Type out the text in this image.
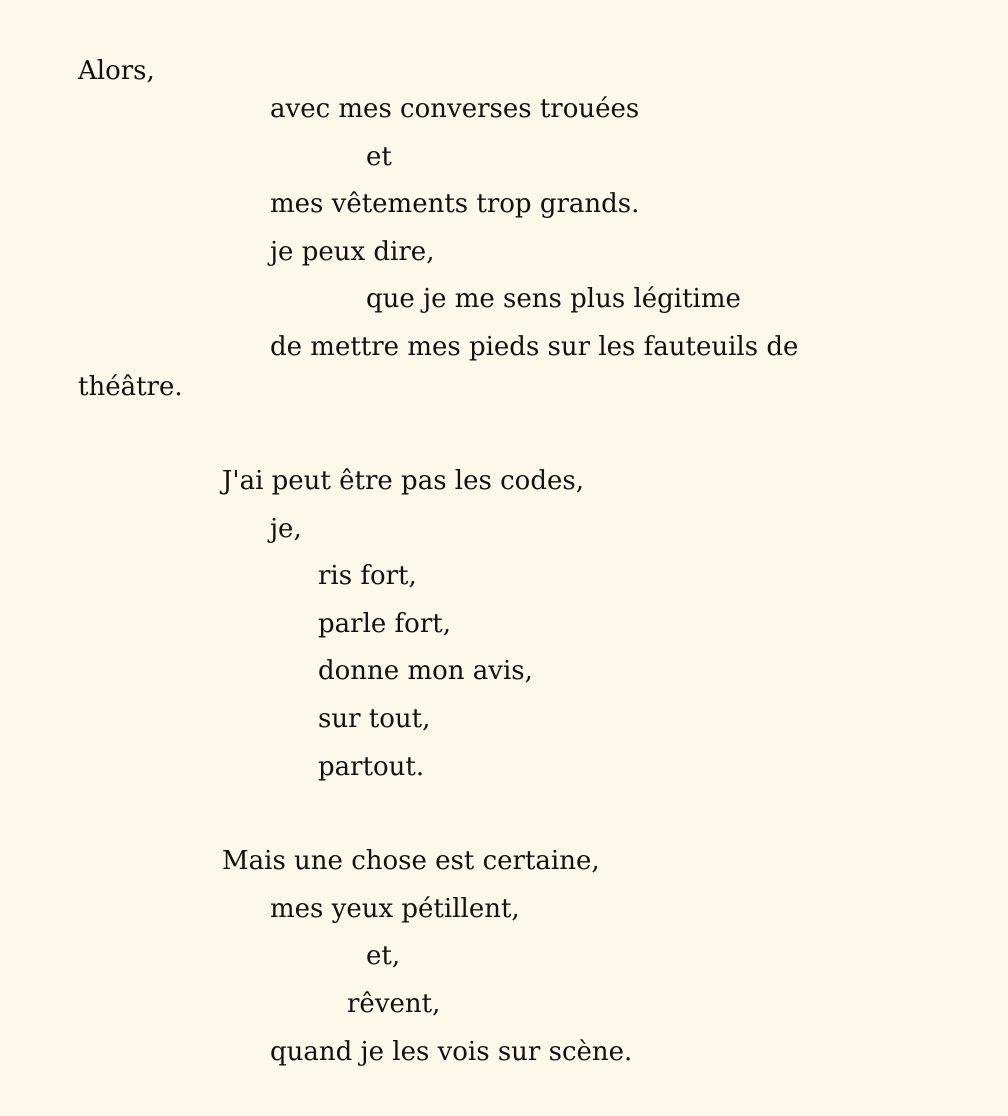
Alors,

avec mes converses trouées

et

mes vêtements trop grands.

je peux dire,

que je me sens plus légitime

de mettre mes pieds sur les fauteuils de

théâtre.

J'ai peut être pas les codes,

je,

ris fort,

parle fort,

donne mon avis,

sur tout,

partout.

Mais une chose est certaine,

mes yeux pétillent,

et,

rêvent,

quand je les vois sur scène.
